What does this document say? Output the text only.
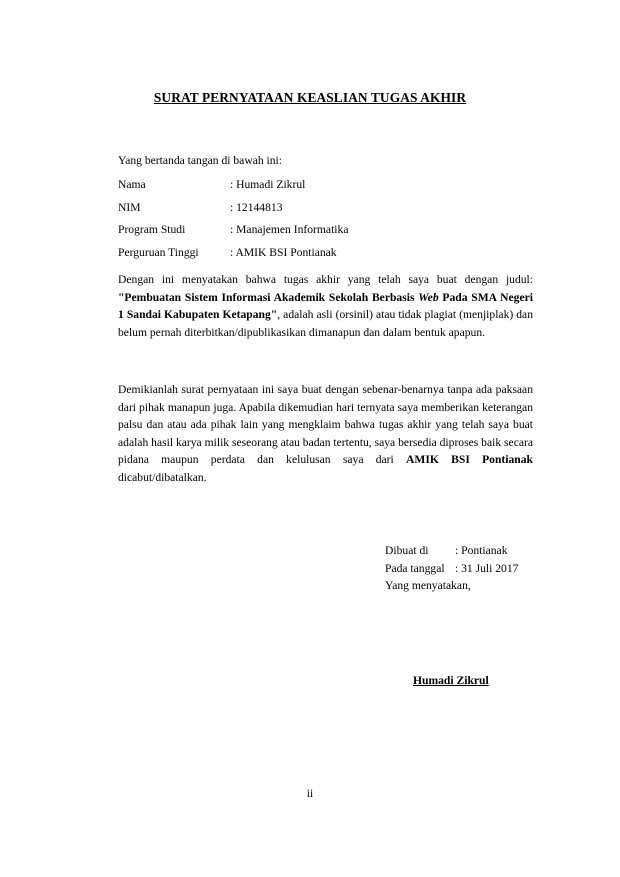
SURAT PERNYATAAN KEASLIAN TUGAS AKHIR
Yang bertanda tangan di bawah ini:
Nama	: Humadi Zikrul
NIM	: 12144813
Program Studi	: Manajemen Informatika
Perguruan Tinggi	: AMIK BSI Pontianak
Dengan ini menyatakan bahwa tugas akhir yang telah saya buat dengan judul: "Pembuatan Sistem Informasi Akademik Sekolah Berbasis Web Pada SMA Negeri 1 Sandai Kabupaten Ketapang", adalah asli (orsinil) atau tidak plagiat (menjiplak) dan belum pernah diterbitkan/dipublikasikan dimanapun dan dalam bentuk apapun.
Demikianlah surat pernyataan ini saya buat dengan sebenar-benarnya tanpa ada paksaan dari pihak manapun juga. Apabila dikemudian hari ternyata saya memberikan keterangan palsu dan atau ada pihak lain yang mengklaim bahwa tugas akhir yang telah saya buat adalah hasil karya milik seseorang atau badan tertentu, saya bersedia diproses baik secara pidana maupun perdata dan kelulusan saya dari AMIK BSI Pontianak dicabut/dibatalkan.
Dibuat di	: Pontianak
Pada tanggal : 31 Juli 2017
Yang menyatakan,
Humadi Zikrul
ii
